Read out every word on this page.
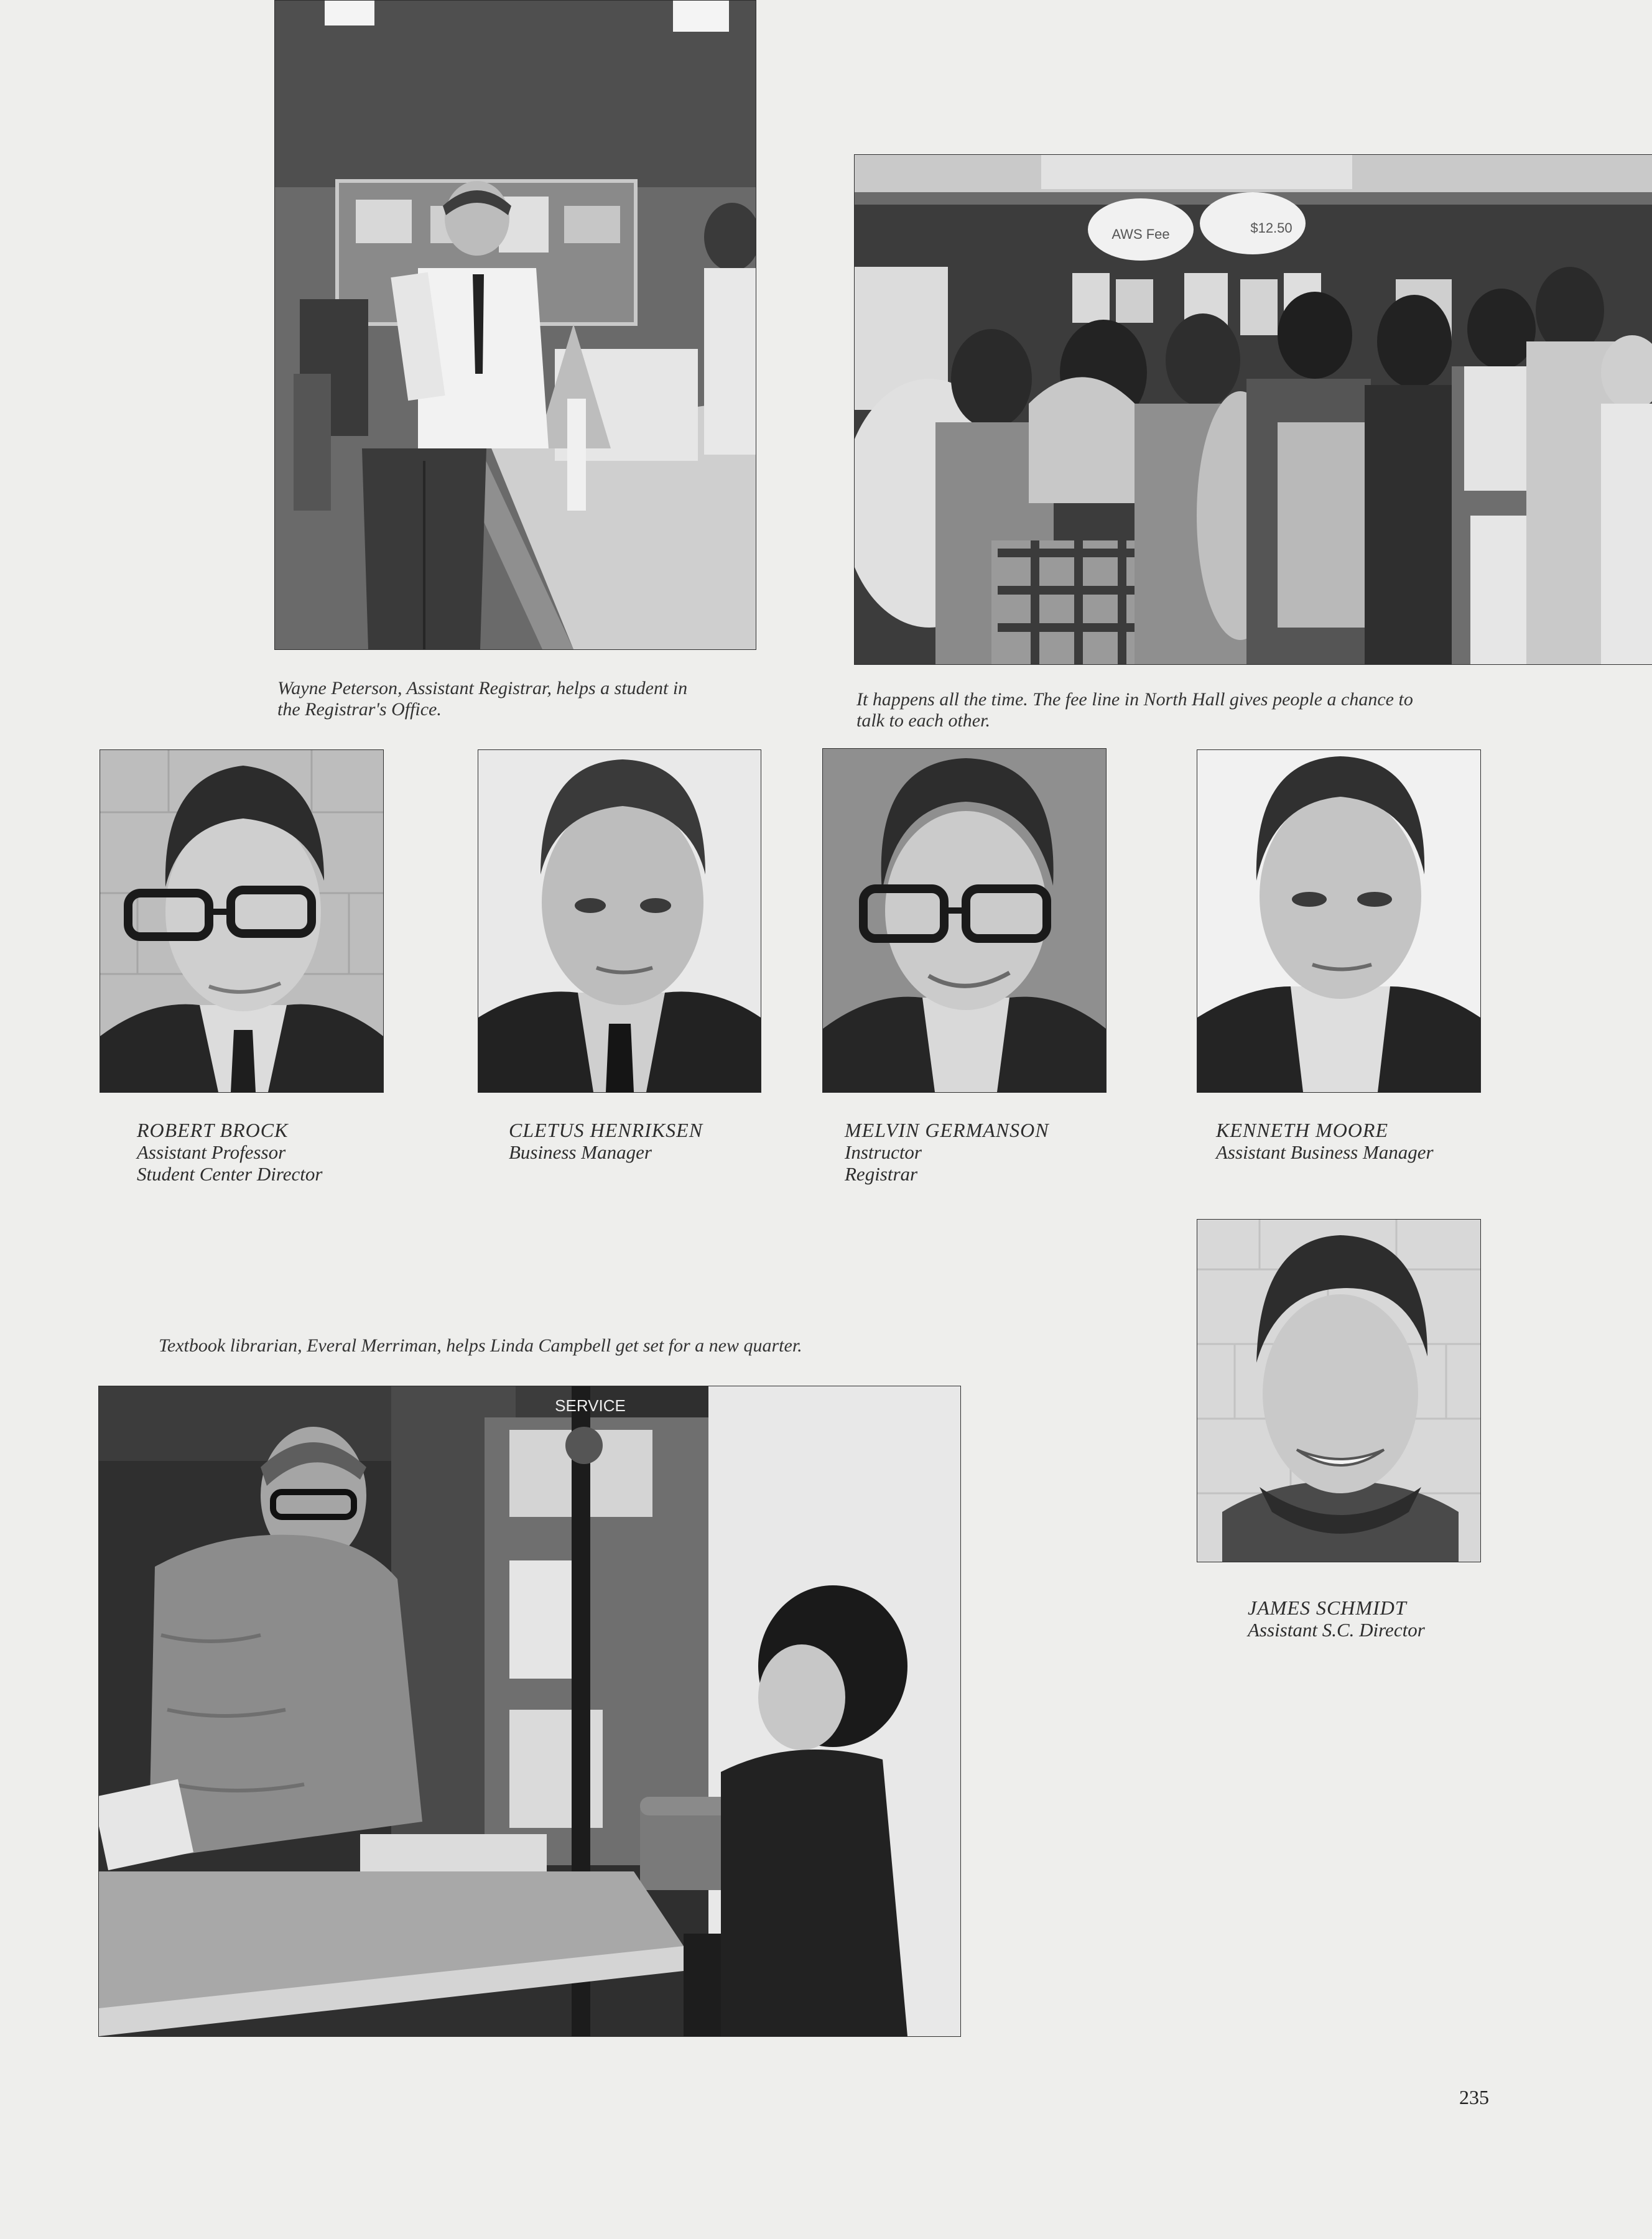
Wayne Peterson, Assistant Registrar, helps a student in
the Registrar's Office.
AWS Fee	$12.50
It happens all the time. The fee line in North Hall gives people a chance to
talk to each other.
ROBERT BROCK
Assistant Professor
Student Center Director
CLETUS HENRIKSEN
Business Manager
MELVIN GERMANSON
Instructor
Registrar
KENNETH MOORE
Assistant Business Manager
JAMES SCHMIDT
Assistant S.C. Director
Textbook librarian, Everal Merriman, helps Linda Campbell get set for a new quarter.
SERVICE
235
